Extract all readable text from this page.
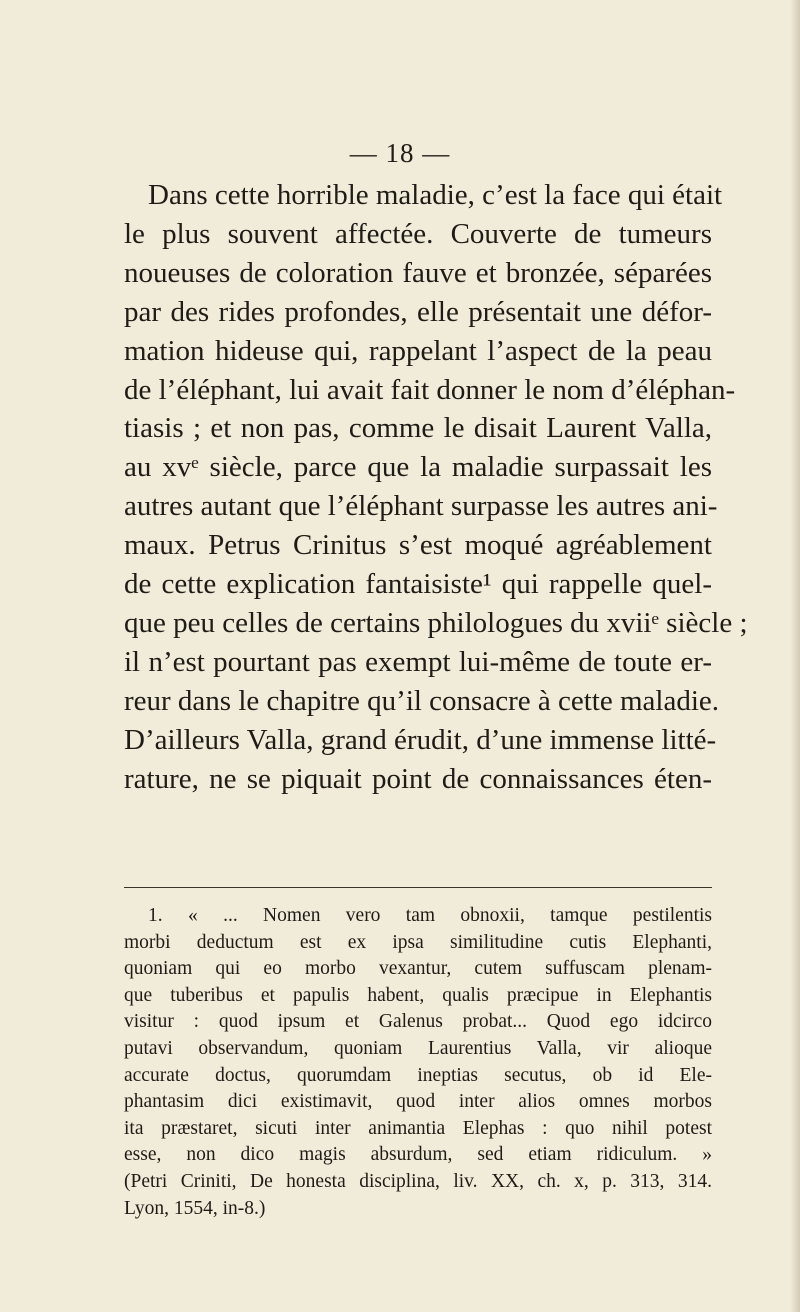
— 18 —
Dans cette horrible maladie, c’est la face qui était
le plus souvent affectée. Couverte de tumeurs
noueuses de coloration fauve et bronzée, séparées
par des rides profondes, elle présentait une défor-
mation hideuse qui, rappelant l’aspect de la peau
de l’éléphant, lui avait fait donner le nom d’éléphan-
tiasis ; et non pas, comme le disait Laurent Valla,
au xvᵉ siècle, parce que la maladie surpassait les
autres autant que l’éléphant surpasse les autres ani-
maux. Petrus Crinitus s’est moqué agréablement
de cette explication fantaisiste¹ qui rappelle quel-
que peu celles de certains philologues du xviiᵉ siècle ;
il n’est pourtant pas exempt lui-même de toute er-
reur dans le chapitre qu’il consacre à cette maladie.
D’ailleurs Valla, grand érudit, d’une immense litté-
rature, ne se piquait point de connaissances éten-
1. « ... Nomen vero tam obnoxii, tamque pestilentis
morbi deductum est ex ipsa similitudine cutis Elephanti,
quoniam qui eo morbo vexantur, cutem suffuscam plenam-
que tuberibus et papulis habent, qualis præcipue in Elephantis
visitur : quod ipsum et Galenus probat... Quod ego idcirco
putavi observandum, quoniam Laurentius Valla, vir alioque
accurate doctus, quorumdam ineptias secutus, ob id Ele-
phantasim dici existimavit, quod inter alios omnes morbos
ita præstaret, sicuti inter animantia Elephas : quo nihil potest
esse, non dico magis absurdum, sed etiam ridiculum. »
(Petri Criniti, De honesta disciplina, liv. XX, ch. x, p. 313, 314.
Lyon, 1554, in-8.)
